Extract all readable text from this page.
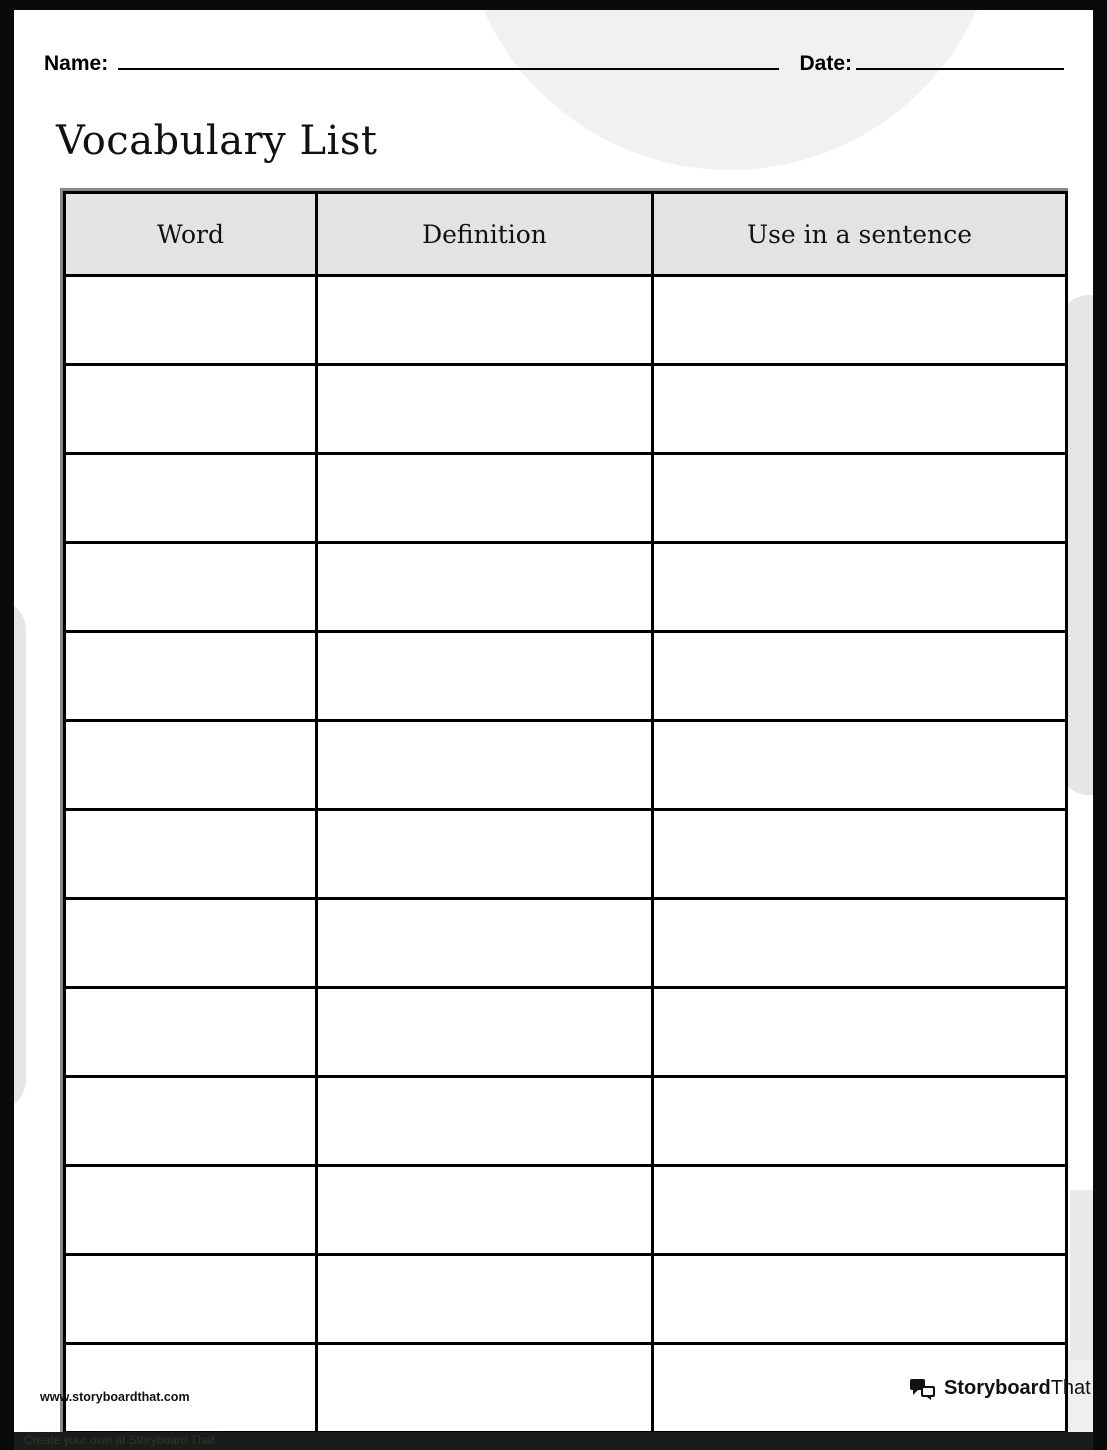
Name:	Date:
Vocabulary List
Word	Definition	Use in a sentence

www.storyboardthat.com	StoryboardThat
Create your own at Storyboard That
